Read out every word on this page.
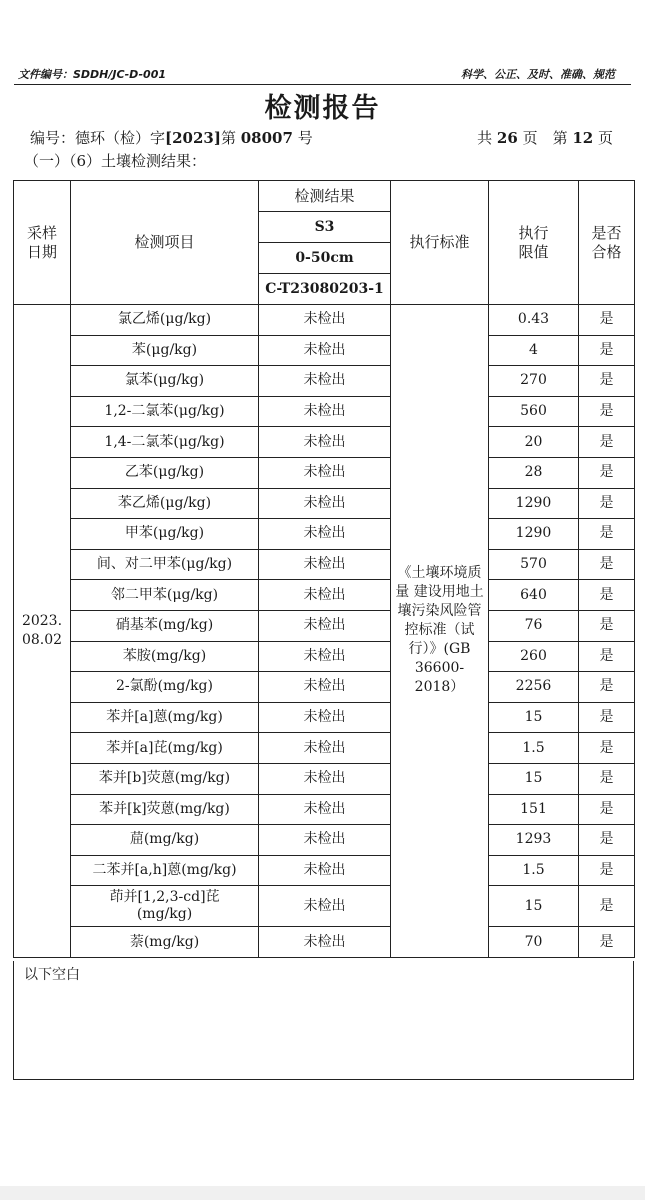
文件编号：SDDH/JC-D-001	科学、公正、及时、准确、规范
检测报告
编号：德环（检）字[2023]第 08007 号	共 26 页　第 12 页
（一）（6）土壤检测结果：
采样日期	检测项目	检测结果	执行标准	执行限值	是否合格

		S3			
		0-50cm			
		C-T23080203-1			

2023.08.02	氯乙烯(μg/kg)	未检出	《土壤环境质量 建设用地土壤污染风险管控标准（试行）》(GB 36600-2018）	0.43	是
	苯(μg/kg)	未检出		4	是
	氯苯(μg/kg)	未检出		270	是
	1,2-二氯苯(μg/kg)	未检出		560	是
	1,4-二氯苯(μg/kg)	未检出		20	是
	乙苯(μg/kg)	未检出		28	是
	苯乙烯(μg/kg)	未检出		1290	是
	甲苯(μg/kg)	未检出		1290	是
	间、对二甲苯(μg/kg)	未检出		570	是
	邻二甲苯(μg/kg)	未检出		640	是
	硝基苯(mg/kg)	未检出		76	是
	苯胺(mg/kg)	未检出		260	是
	2-氯酚(mg/kg)	未检出		2256	是
	苯并[a]蒽(mg/kg)	未检出		15	是
	苯并[a]芘(mg/kg)	未检出		1.5	是
	苯并[b]荧蒽(mg/kg)	未检出		15	是
	苯并[k]荧蒽(mg/kg)	未检出		151	是
	䓛(mg/kg)	未检出		1293	是
	二苯并[a,h]蒽(mg/kg)	未检出		1.5	是
	茚并[1,2,3-cd]芘(mg/kg)	未检出		15	是
	萘(mg/kg)	未检出		70	是
以下空白
